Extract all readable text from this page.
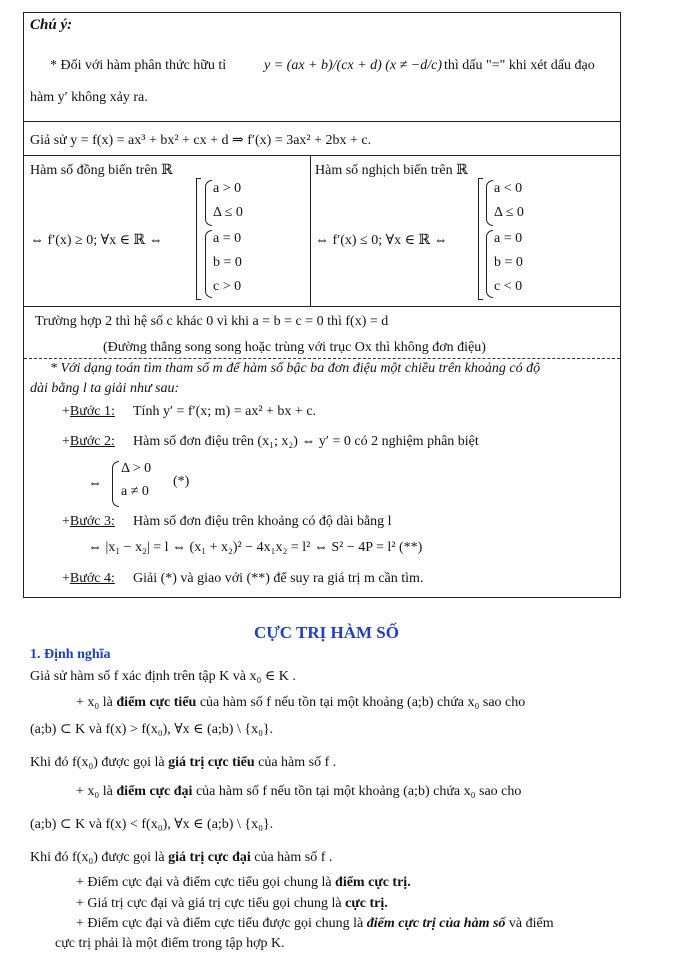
Chú ý:
* Đối với hàm phân thức hữu tỉ	y = (ax + b)/(cx + d) (x ≠ −d/c) thì dấu "=" khi xét dấu đạo
hàm y′ không xảy ra.
Giả sử y = f(x) = ax³ + bx² + cx + d ⇒ f′(x) = 3ax² + 2bx + c.
Hàm số đồng biến trên ℝ
⇔ f′(x) ≥ 0; ∀x ∈ ℝ ⇔
a > 0
Δ ≤ 0
a = 0
b = 0
c > 0
Hàm số nghịch biến trên ℝ
⇔ f′(x) ≤ 0; ∀x ∈ ℝ ⇔
a < 0
Δ ≤ 0
a = 0
b = 0
c < 0
Trường hợp 2 thì hệ số c khác 0 vì khi a = b = c = 0 thì f(x) = d
(Đường thẳng song song hoặc trùng với trục Ox thì không đơn điệu)
* Với dạng toán tìm tham số m để hàm số bậc ba đơn điệu một chiều trên khoảng có độ
dài bằng l ta giải như sau:
+Bước 1: Tính y′ = f′(x; m) = ax² + bx + c.
+Bước 2: Hàm số đơn điệu trên (x₁; x₂) ⇔ y′ = 0 có 2 nghiệm phân biệt
⇔
Δ > 0
a ≠ 0
(*)
+Bước 3: Hàm số đơn điệu trên khoảng có độ dài bằng l
⇔ |x₁ − x₂| = l ⇔ (x₁ + x₂)² − 4x₁x₂ = l² ⇔ S² − 4P = l² (**)
+Bước 4: Giải (*) và giao với (**) để suy ra giá trị m cần tìm.
CỰC TRỊ HÀM SỐ
1. Định nghĩa
Giả sử hàm số f xác định trên tập K và x₀ ∈ K .
+ x₀ là điểm cực tiểu của hàm số f nếu tồn tại một khoảng (a;b) chứa x₀ sao cho
(a;b) ⊂ K và f(x) > f(x₀), ∀x ∈ (a;b) \ {x₀}.
Khi đó f(x₀) được gọi là giá trị cực tiểu của hàm số f .
+ x₀ là điểm cực đại của hàm số f nếu tồn tại một khoảng (a;b) chứa x₀ sao cho
(a;b) ⊂ K và f(x) < f(x₀), ∀x ∈ (a;b) \ {x₀}.
Khi đó f(x₀) được gọi là giá trị cực đại của hàm số f .
+ Điểm cực đại và điểm cực tiểu gọi chung là điểm cực trị.
+ Giá trị cực đại và giá trị cực tiểu gọi chung là cực trị.
+ Điểm cực đại và điểm cực tiểu được gọi chung là điểm cực trị của hàm số và điểm
cực trị phải là một điểm trong tập hợp K.
